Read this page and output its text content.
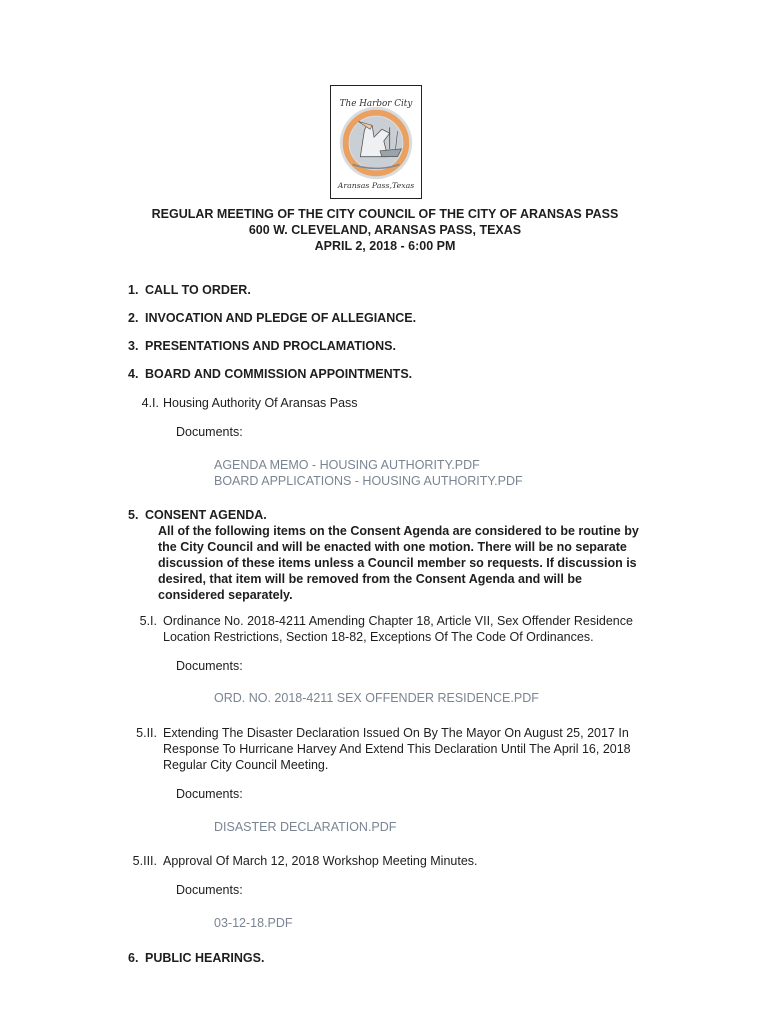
The Harbor City
Aransas Pass,Texas
REGULAR MEETING OF THE CITY COUNCIL OF THE CITY OF ARANSAS PASS
600 W. CLEVELAND, ARANSAS PASS, TEXAS
APRIL 2, 2018 - 6:00 PM
1. CALL TO ORDER.
2. INVOCATION AND PLEDGE OF ALLEGIANCE.
3. PRESENTATIONS AND PROCLAMATIONS.
4. BOARD AND COMMISSION APPOINTMENTS.
4.I. Housing Authority Of Aransas Pass
Documents:
AGENDA MEMO - HOUSING AUTHORITY.PDF
BOARD APPLICATIONS - HOUSING AUTHORITY.PDF
5. CONSENT AGENDA.
All of the following items on the Consent Agenda are considered to be routine by
the City Council and will be enacted with one motion. There will be no separate
discussion of these items unless a Council member so requests. If discussion is
desired, that item will be removed from the Consent Agenda and will be
considered separately.
5.I. Ordinance No. 2018-4211 Amending Chapter 18, Article VII, Sex Offender Residence
Location Restrictions, Section 18-82, Exceptions Of The Code Of Ordinances.
Documents:
ORD. NO. 2018-4211 SEX OFFENDER RESIDENCE.PDF
5.II. Extending The Disaster Declaration Issued On By The Mayor On August 25, 2017 In
Response To Hurricane Harvey And Extend This Declaration Until The April 16, 2018
Regular City Council Meeting.
Documents:
DISASTER DECLARATION.PDF
5.III. Approval Of March 12, 2018 Workshop Meeting Minutes.
Documents:
03-12-18.PDF
6. PUBLIC HEARINGS.
